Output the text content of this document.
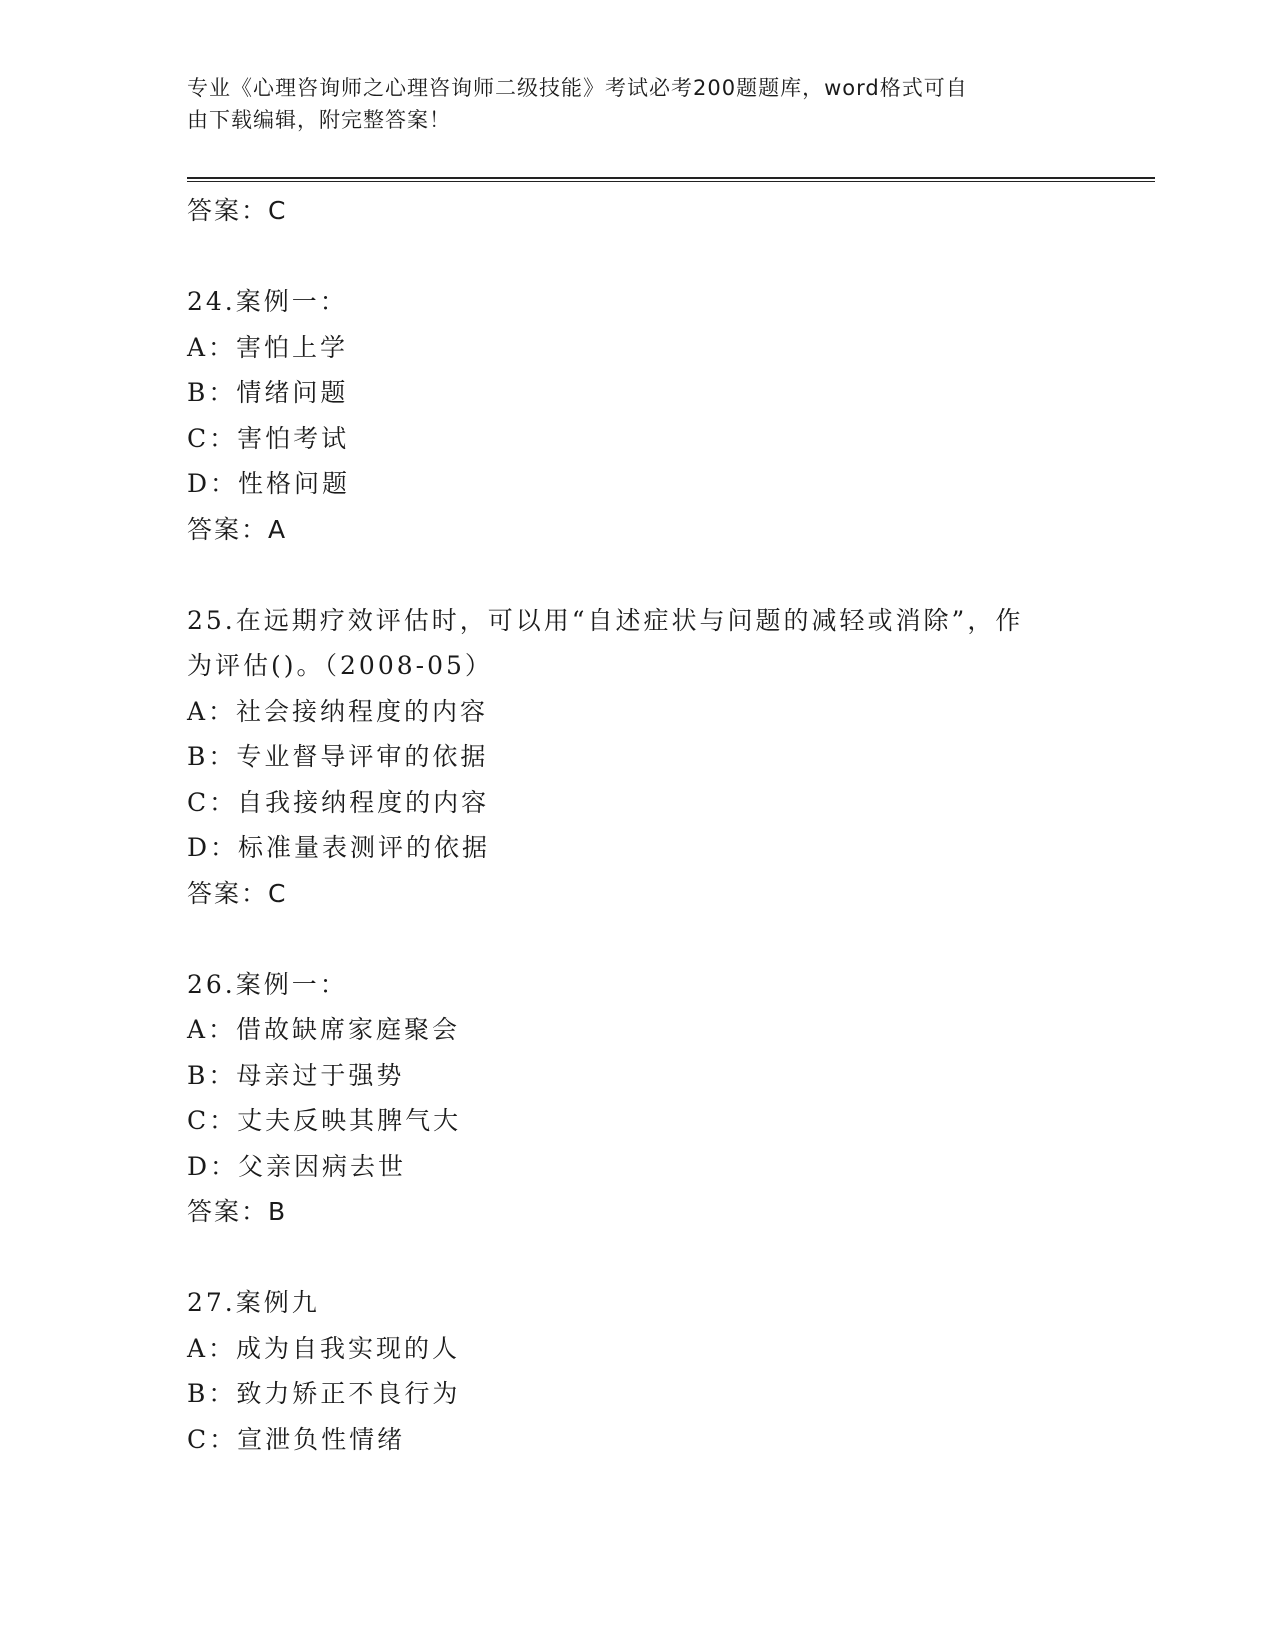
专业《心理咨询师之心理咨询师二级技能》考试必考200题题库，word格式可自
由下载编辑，附完整答案！
答案：C
24.案例一：
A：害怕上学
B：情绪问题
C：害怕考试
D：性格问题
答案：A
25.在远期疗效评估时，可以用“自述症状与问题的减轻或消除”，作
为评估()。（2008-05）
A：社会接纳程度的内容
B：专业督导评审的依据
C：自我接纳程度的内容
D：标准量表测评的依据
答案：C
26.案例一：
A：借故缺席家庭聚会
B：母亲过于强势
C：丈夫反映其脾气大
D：父亲因病去世
答案：B
27.案例九
A：成为自我实现的人
B：致力矫正不良行为
C：宣泄负性情绪
